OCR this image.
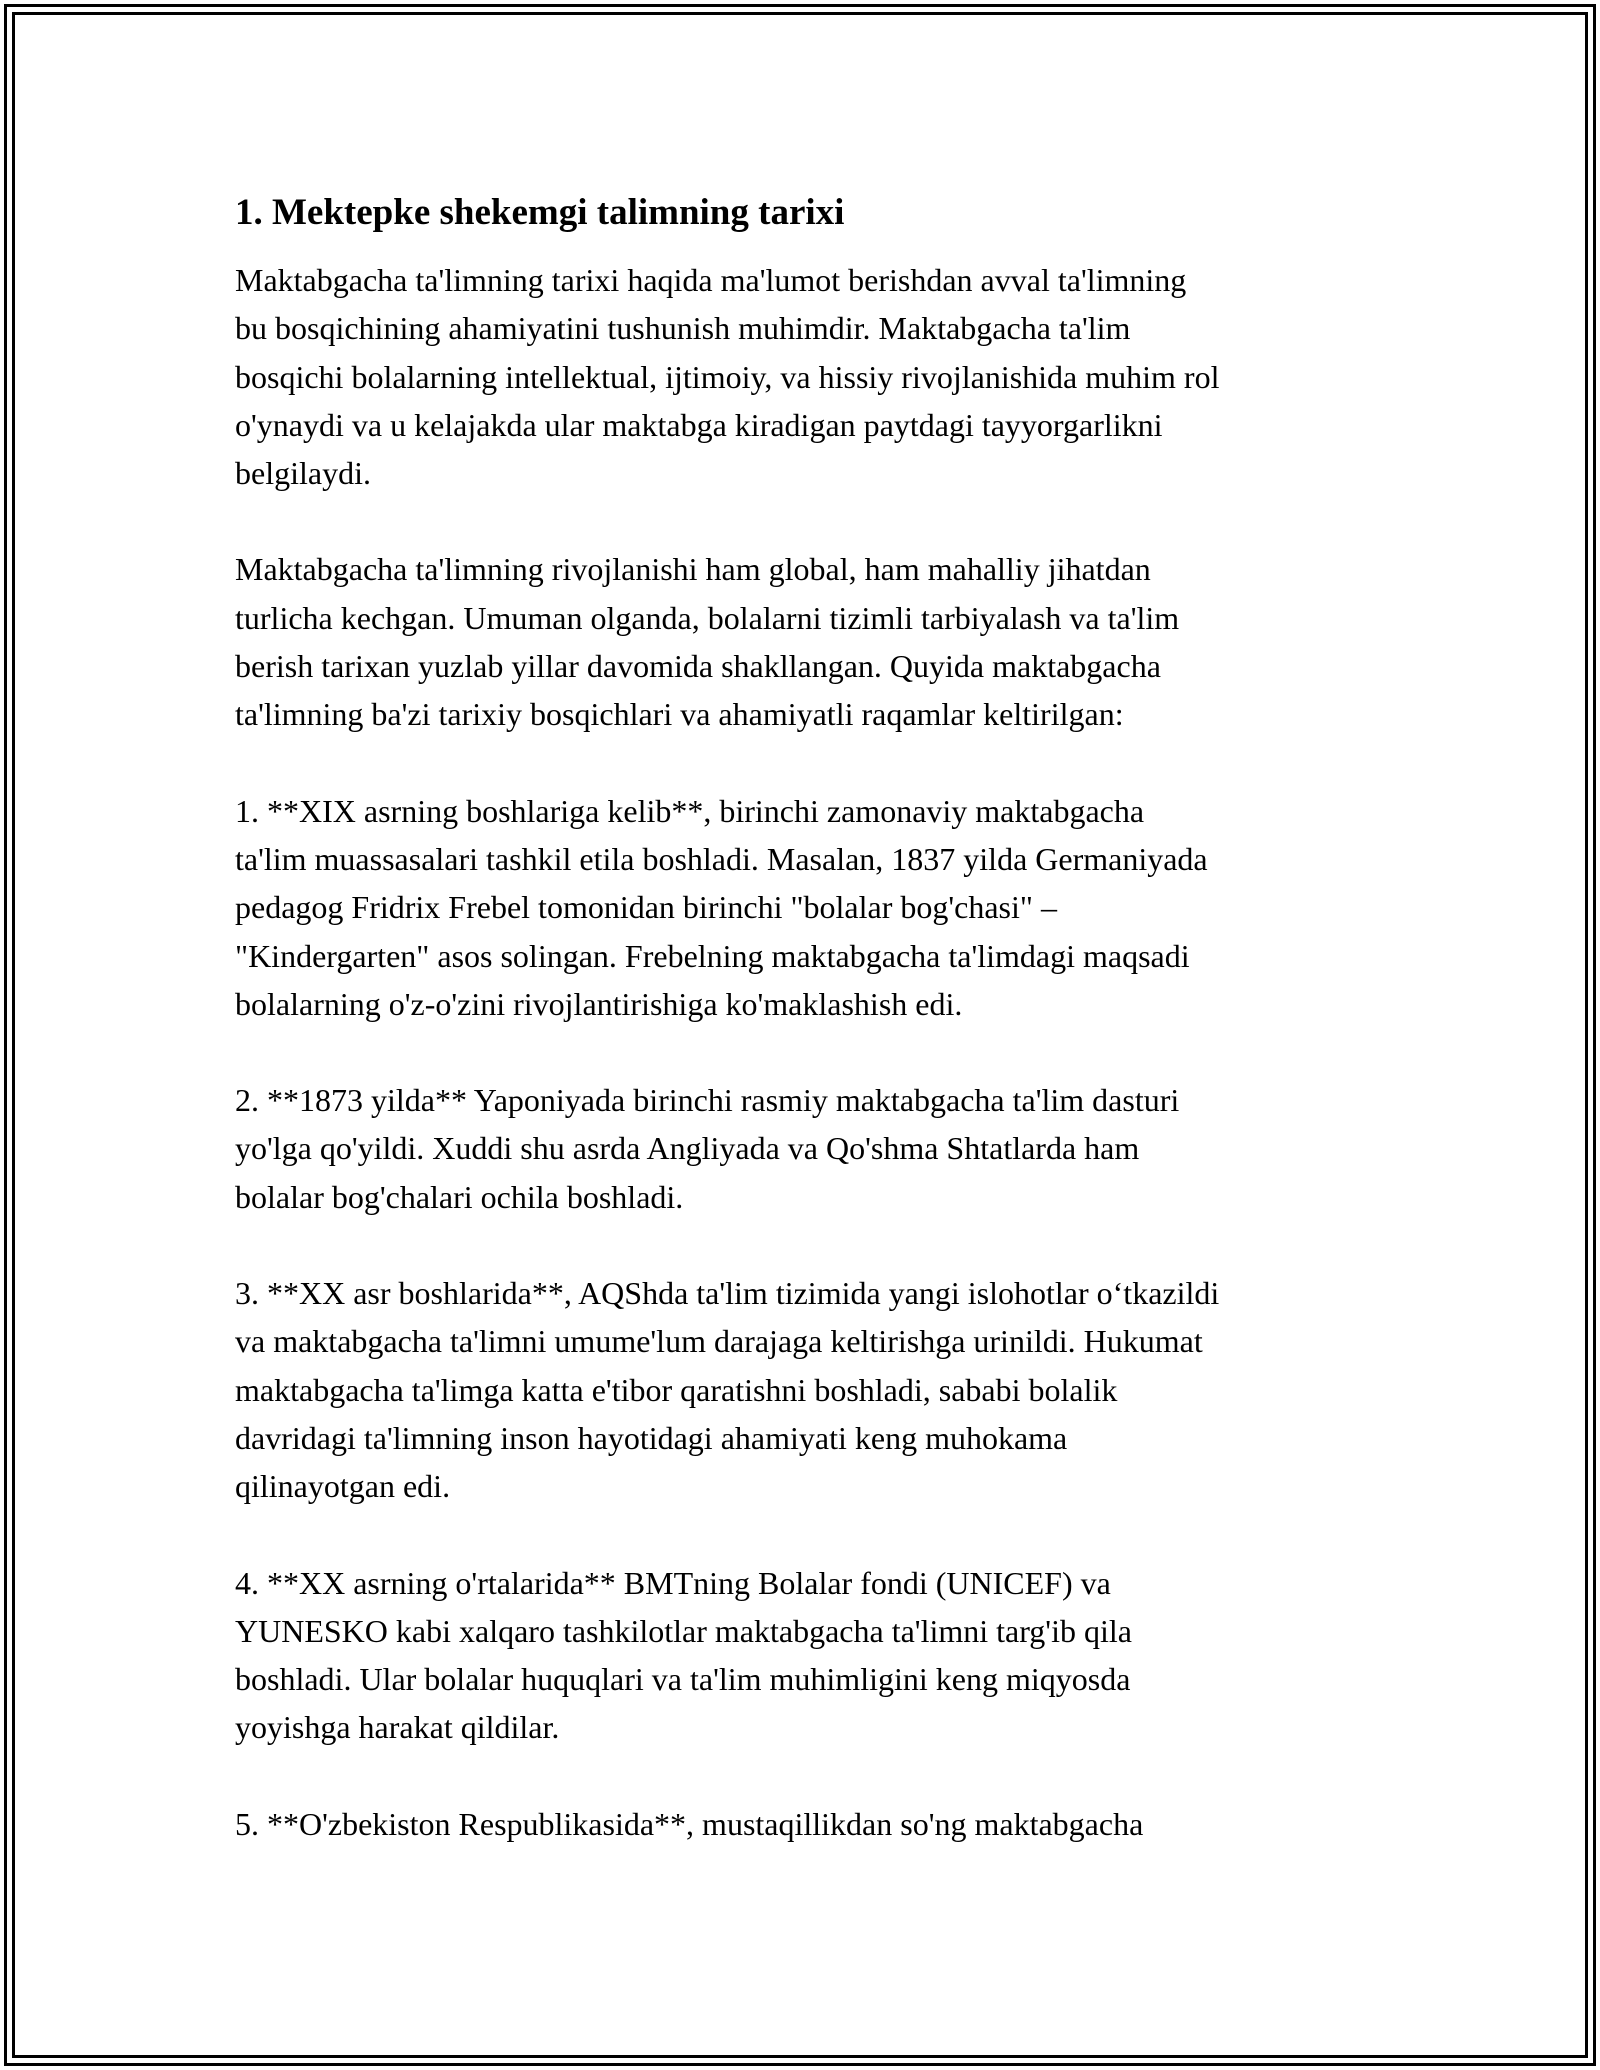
1. Mektepke shekemgi talimning tarixi

Maktabgacha ta'limning tarixi haqida ma'lumot berishdan avval ta'limning
bu bosqichining ahamiyatini tushunish muhimdir. Maktabgacha ta'lim
bosqichi bolalarning intellektual, ijtimoiy, va hissiy rivojlanishida muhim rol
o'ynaydi va u kelajakda ular maktabga kiradigan paytdagi tayyorgarlikni
belgilaydi.

Maktabgacha ta'limning rivojlanishi ham global, ham mahalliy jihatdan
turlicha kechgan. Umuman olganda, bolalarni tizimli tarbiyalash va ta'lim
berish tarixan yuzlab yillar davomida shakllangan. Quyida maktabgacha
ta'limning ba'zi tarixiy bosqichlari va ahamiyatli raqamlar keltirilgan:

1. **XIX asrning boshlariga kelib**, birinchi zamonaviy maktabgacha
ta'lim muassasalari tashkil etila boshladi. Masalan, 1837 yilda Germaniyada
pedagog Fridrix Frebel tomonidan birinchi "bolalar bog'chasi" –
"Kindergarten" asos solingan. Frebelning maktabgacha ta'limdagi maqsadi
bolalarning o'z-o'zini rivojlantirishiga ko'maklashish edi.

2. **1873 yilda** Yaponiyada birinchi rasmiy maktabgacha ta'lim dasturi
yo'lga qo'yildi. Xuddi shu asrda Angliyada va Qo'shma Shtatlarda ham
bolalar bog'chalari ochila boshladi.

3. **XX asr boshlarida**, AQShda ta'lim tizimida yangi islohotlar o‘tkazildi
va maktabgacha ta'limni umume'lum darajaga keltirishga urinildi. Hukumat
maktabgacha ta'limga katta e'tibor qaratishni boshladi, sababi bolalik
davridagi ta'limning inson hayotidagi ahamiyati keng muhokama
qilinayotgan edi.

4. **XX asrning o'rtalarida** BMTning Bolalar fondi (UNICEF) va
YUNESKO kabi xalqaro tashkilotlar maktabgacha ta'limni targ'ib qila
boshladi. Ular bolalar huquqlari va ta'lim muhimligini keng miqyosda
yoyishga harakat qildilar.

5. **O'zbekiston Respublikasida**, mustaqillikdan so'ng maktabgacha
